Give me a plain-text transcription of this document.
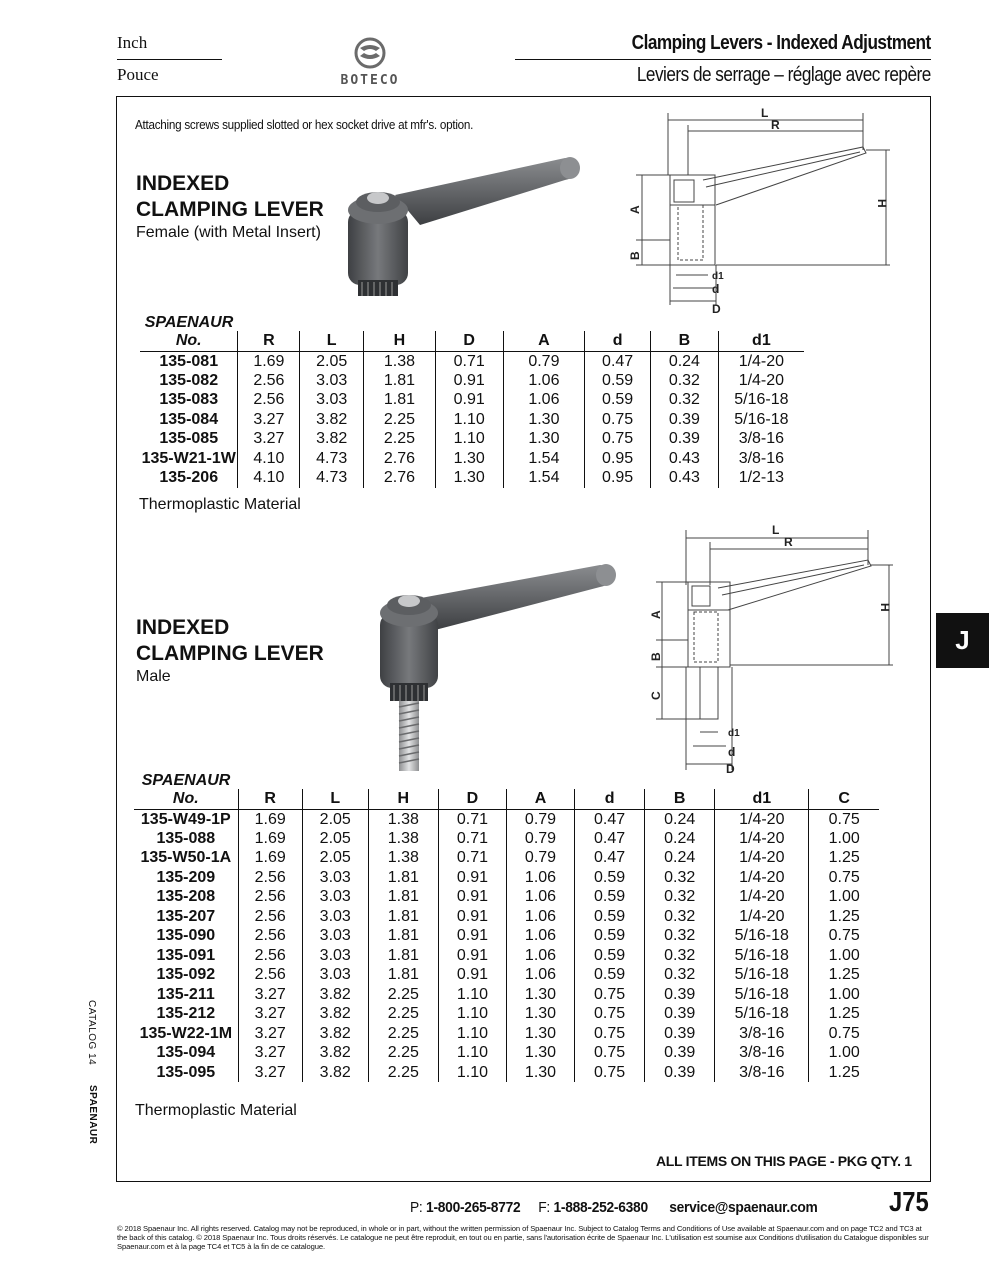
Inch
Pouce	BOTECO
Clamping Levers - Indexed Adjustment
Leviers de serrage – réglage avec repère
Attaching screws supplied slotted or hex socket drive at mfr's. option.
INDEXED
CLAMPING LEVER
Female (with Metal Insert)
L
R
A
B
H
d1
d
D
SPAENAUR								
No.	R	L	H	D	A	d	B	d1
135-081	1.69	2.05	1.38	0.71	0.79	0.47	0.24	1/4-20
135-082	2.56	3.03	1.81	0.91	1.06	0.59	0.32	1/4-20
135-083	2.56	3.03	1.81	0.91	1.06	0.59	0.32	5/16-18
135-084	3.27	3.82	2.25	1.10	1.30	0.75	0.39	5/16-18
135-085	3.27	3.82	2.25	1.10	1.30	0.75	0.39	3/8-16
135-W21-1W	4.10	4.73	2.76	1.30	1.54	0.95	0.43	3/8-16
135-206	4.10	4.73	2.76	1.30	1.54	0.95	0.43	1/2-13
Thermoplastic Material
INDEXED
CLAMPING LEVER
Male
L
R
A
B
C
H
d1
d
D
SPAENAUR									
No.	R	L	H	D	A	d	B	d1	C
135-W49-1P	1.69	2.05	1.38	0.71	0.79	0.47	0.24	1/4-20	0.75
135-088	1.69	2.05	1.38	0.71	0.79	0.47	0.24	1/4-20	1.00
135-W50-1A	1.69	2.05	1.38	0.71	0.79	0.47	0.24	1/4-20	1.25
135-209	2.56	3.03	1.81	0.91	1.06	0.59	0.32	1/4-20	0.75
135-208	2.56	3.03	1.81	0.91	1.06	0.59	0.32	1/4-20	1.00
135-207	2.56	3.03	1.81	0.91	1.06	0.59	0.32	1/4-20	1.25
135-090	2.56	3.03	1.81	0.91	1.06	0.59	0.32	5/16-18	0.75
135-091	2.56	3.03	1.81	0.91	1.06	0.59	0.32	5/16-18	1.00
135-092	2.56	3.03	1.81	0.91	1.06	0.59	0.32	5/16-18	1.25
135-211	3.27	3.82	2.25	1.10	1.30	0.75	0.39	5/16-18	1.00
135-212	3.27	3.82	2.25	1.10	1.30	0.75	0.39	5/16-18	1.25
135-W22-1M	3.27	3.82	2.25	1.10	1.30	0.75	0.39	3/8-16	0.75
135-094	3.27	3.82	2.25	1.10	1.30	0.75	0.39	3/8-16	1.00
135-095	3.27	3.82	2.25	1.10	1.30	0.75	0.39	3/8-16	1.25
Thermoplastic Material
ALL ITEMS ON THIS PAGE - PKG QTY. 1
J
CATALOG 14
SPAENAUR
P: 1-800-265-8772 F: 1-888-252-6380 service@spaenaur.com	J75
© 2018 Spaenaur Inc. All rights reserved. Catalog may not be reproduced, in whole or in part, without the written permission of Spaenaur Inc. Subject to Catalog Terms and Conditions of Use available at Spaenaur.com and on page TC2 and TC3 at the back of this catalog. © 2018 Spaenaur Inc. Tous droits réservés. Le catalogue ne peut être reproduit, en tout ou en partie, sans l'autorisation écrite de Spaenaur Inc. L'utilisation est soumise aux Conditions d'utilisation du Catalogue disponibles sur Spaenaur.com et à la page TC4 et TC5 à la fin de ce catalogue.
